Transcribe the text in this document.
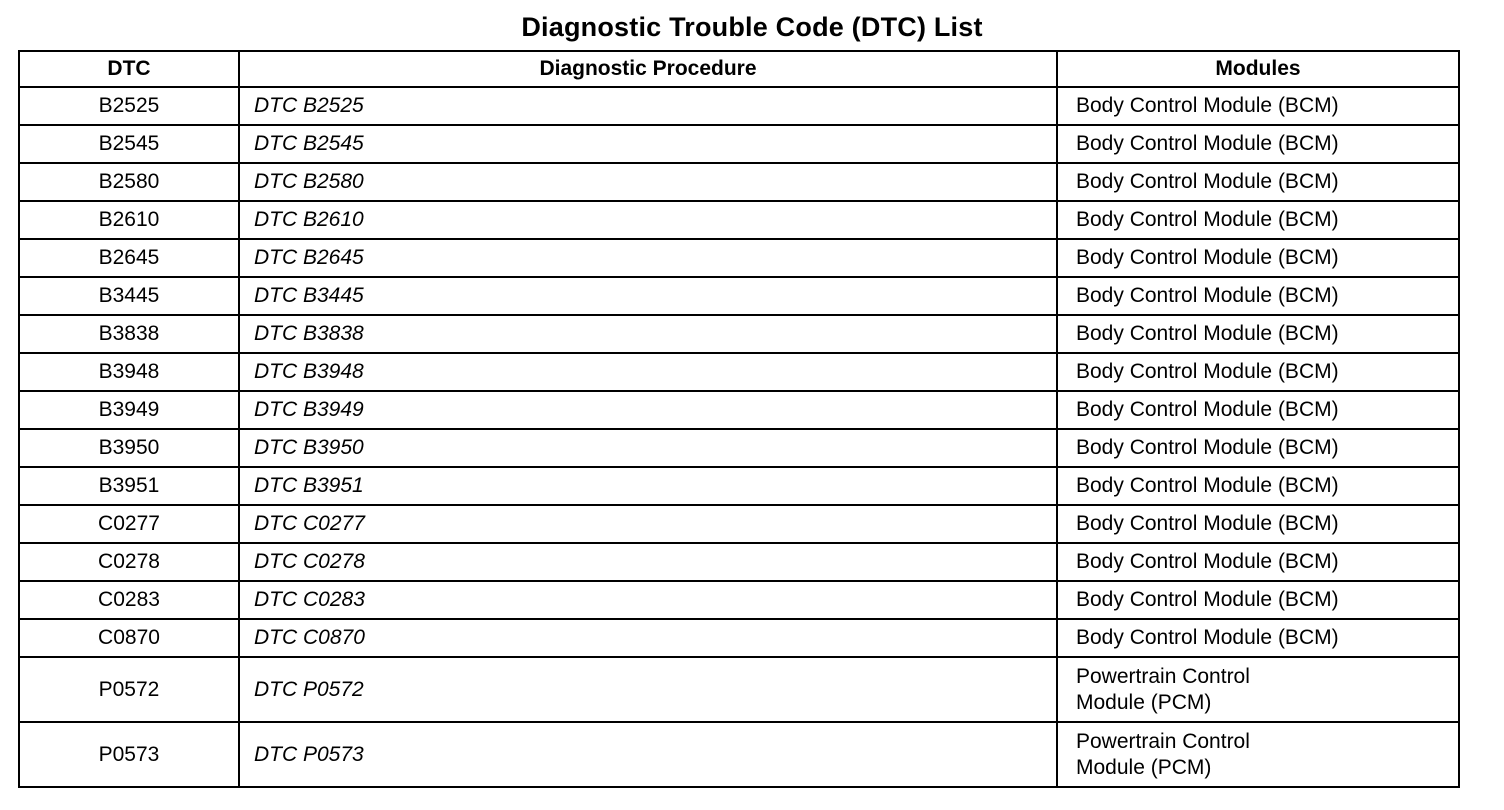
Diagnostic Trouble Code (DTC) List
DTC	Diagnostic Procedure	Modules
B2525	DTC B2525	Body Control Module (BCM)
B2545	DTC B2545	Body Control Module (BCM)
B2580	DTC B2580	Body Control Module (BCM)
B2610	DTC B2610	Body Control Module (BCM)
B2645	DTC B2645	Body Control Module (BCM)
B3445	DTC B3445	Body Control Module (BCM)
B3838	DTC B3838	Body Control Module (BCM)
B3948	DTC B3948	Body Control Module (BCM)
B3949	DTC B3949	Body Control Module (BCM)
B3950	DTC B3950	Body Control Module (BCM)
B3951	DTC B3951	Body Control Module (BCM)
C0277	DTC C0277	Body Control Module (BCM)
C0278	DTC C0278	Body Control Module (BCM)
C0283	DTC C0283	Body Control Module (BCM)
C0870	DTC C0870	Body Control Module (BCM)
P0572	DTC P0572	Powertrain Control
Module (PCM)

P0573	DTC P0573	Powertrain Control
Module (PCM)
